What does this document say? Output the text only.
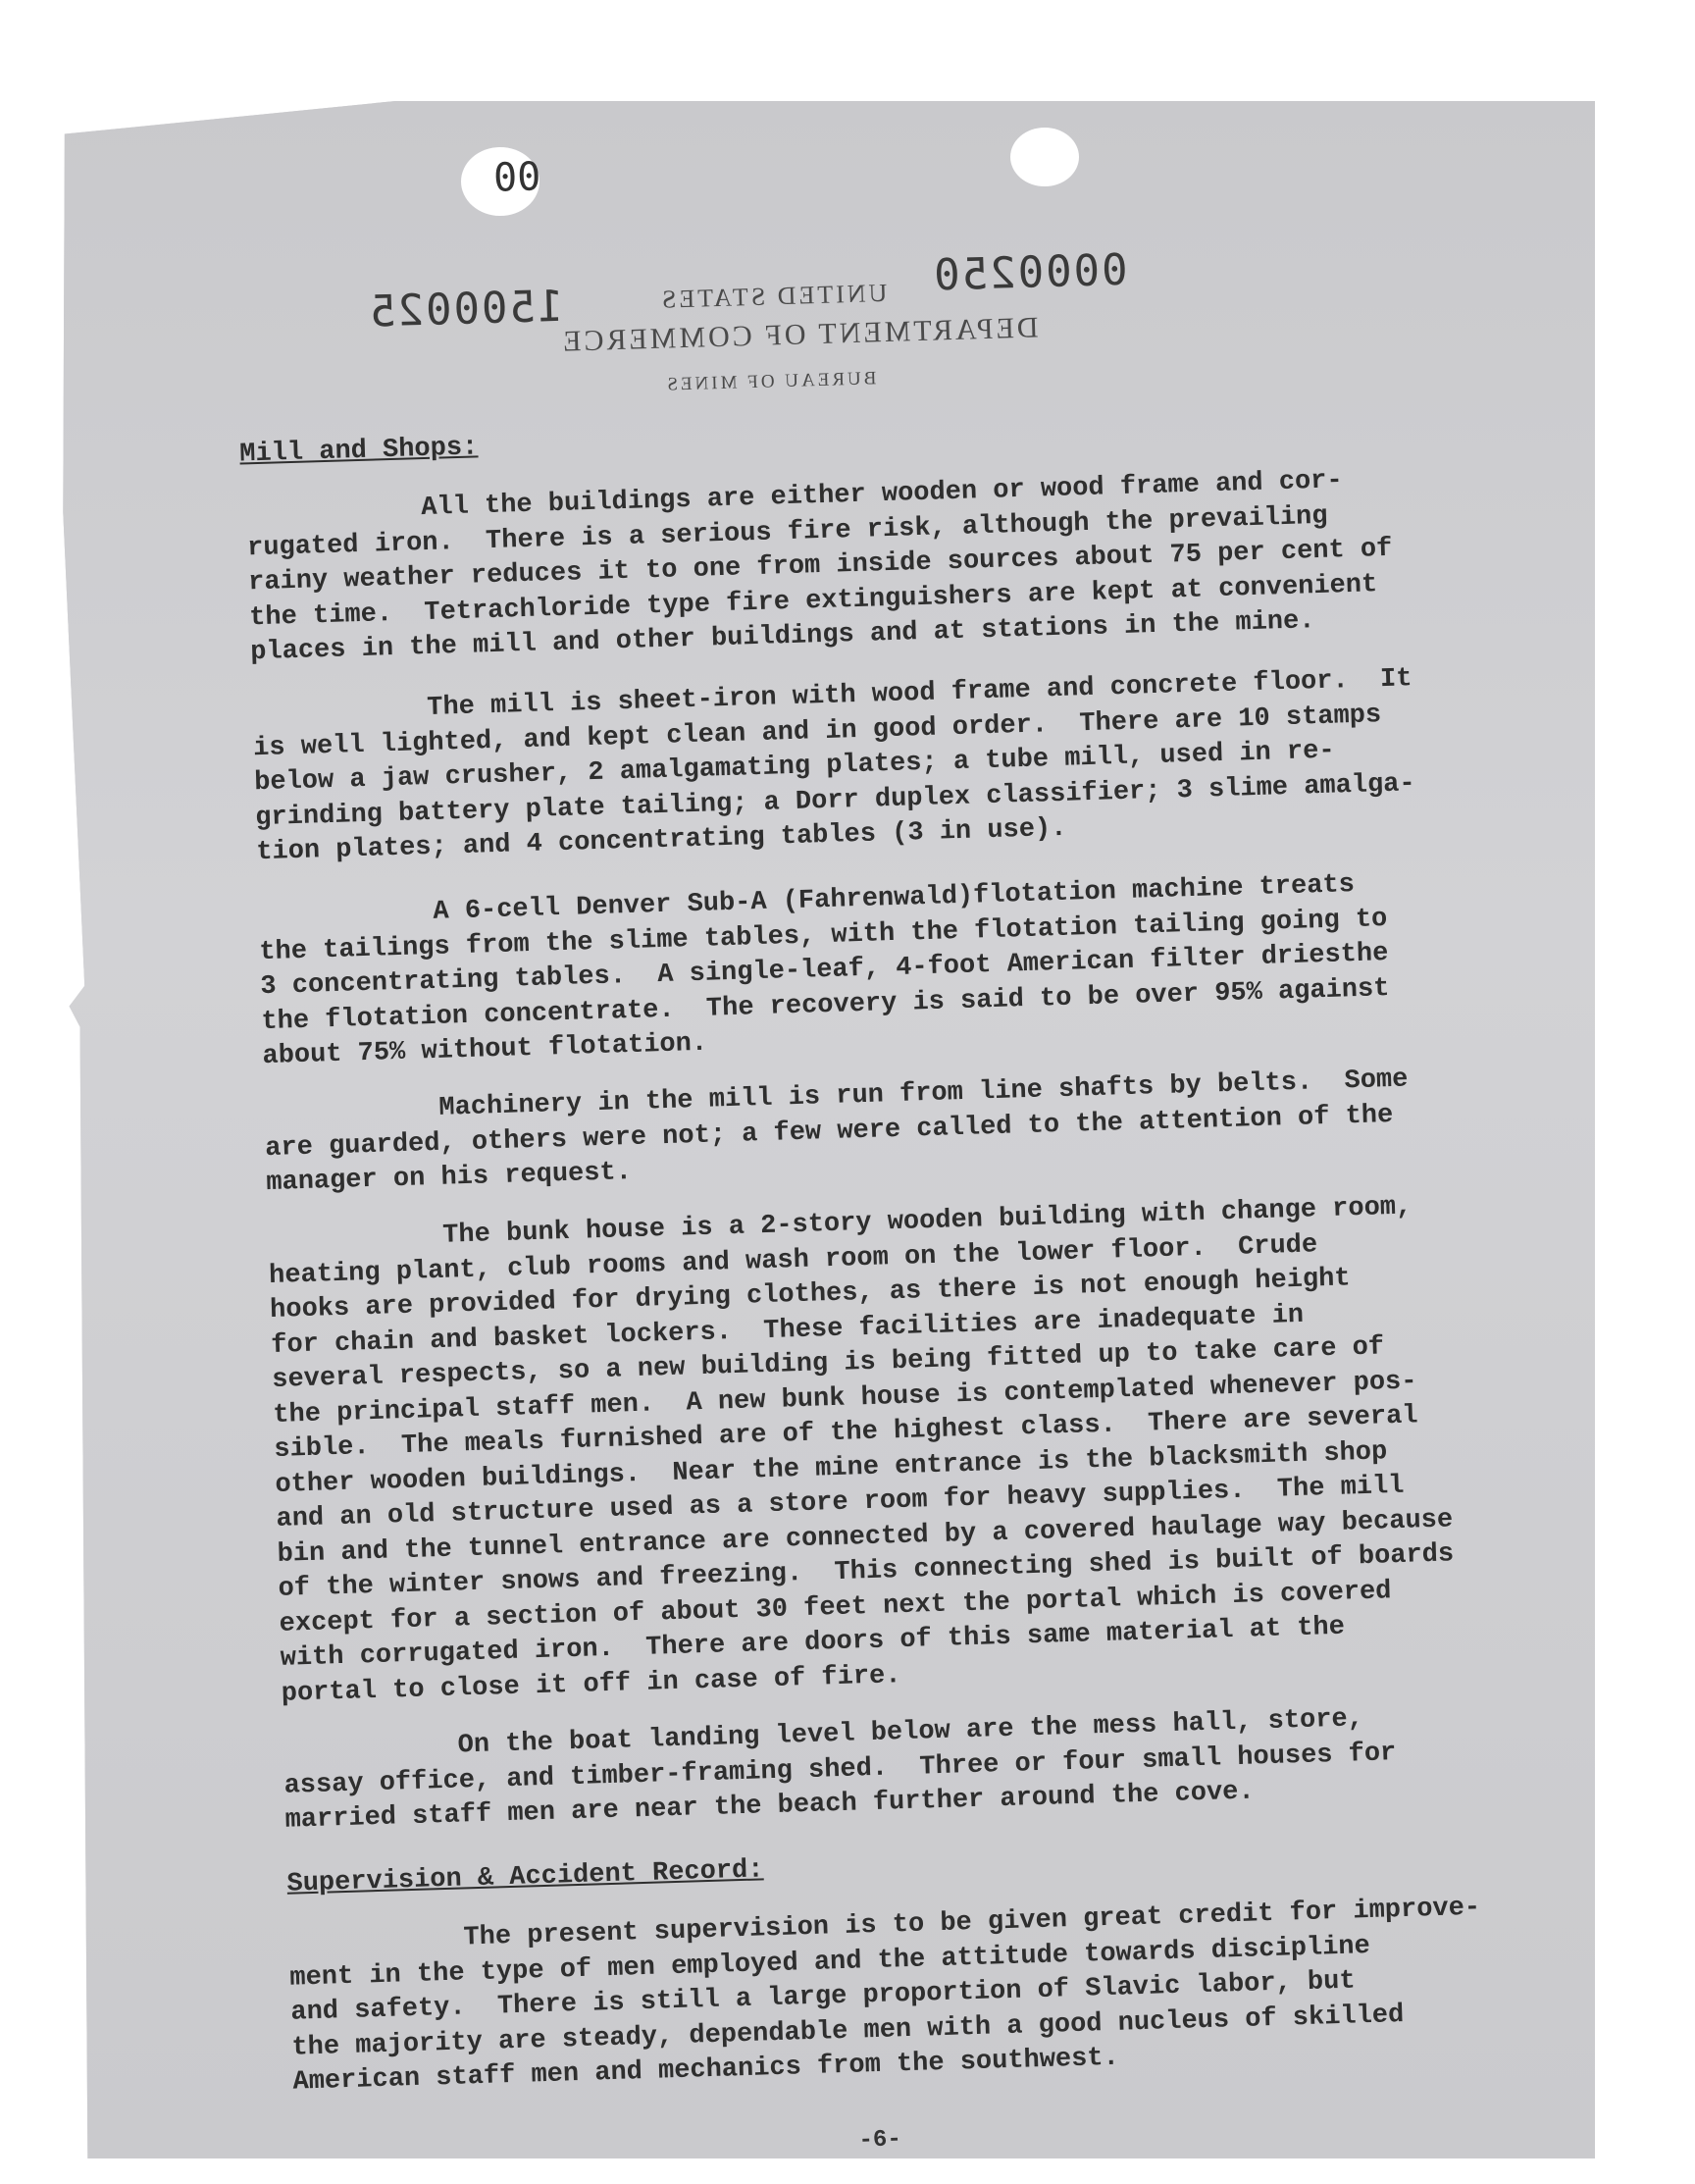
00
1500025
0000250
UNITED STATES
DEPARTMENT OF COMMERCE
BUREAU OF MINES
Mill and Shops:
All the buildings are either wooden or wood frame and cor-
rugated iron.  There is a serious fire risk, although the prevailing
rainy weather reduces it to one from inside sources about 75 per cent of
the time.  Tetrachloride type fire extinguishers are kept at convenient
places in the mill and other buildings and at stations in the mine.
The mill is sheet-iron with wood frame and concrete floor.  It
is well lighted, and kept clean and in good order.  There are 10 stamps
below a jaw crusher, 2 amalgamating plates; a tube mill, used in re-
grinding battery plate tailing; a Dorr duplex classifier; 3 slime amalga-
tion plates; and 4 concentrating tables (3 in use).
A 6-cell Denver Sub-A (Fahrenwald)flotation machine treats
the tailings from the slime tables, with the flotation tailing going to
3 concentrating tables.  A single-leaf, 4-foot American filter driesthe
the flotation concentrate.  The recovery is said to be over 95% against
about 75% without flotation.
Machinery in the mill is run from line shafts by belts.  Some
are guarded, others were not; a few were called to the attention of the
manager on his request.
The bunk house is a 2-story wooden building with change room,
heating plant, club rooms and wash room on the lower floor.  Crude
hooks are provided for drying clothes, as there is not enough height
for chain and basket lockers.  These facilities are inadequate in
several respects, so a new building is being fitted up to take care of
the principal staff men.  A new bunk house is contemplated whenever pos-
sible.  The meals furnished are of the highest class.  There are several
other wooden buildings.  Near the mine entrance is the blacksmith shop
and an old structure used as a store room for heavy supplies.  The mill
bin and the tunnel entrance are connected by a covered haulage way because
of the winter snows and freezing.  This connecting shed is built of boards
except for a section of about 30 feet next the portal which is covered
with corrugated iron.  There are doors of this same material at the
portal to close it off in case of fire.
On the boat landing level below are the mess hall, store,
assay office, and timber-framing shed.  Three or four small houses for
married staff men are near the beach further around the cove.
Supervision & Accident Record:
The present supervision is to be given great credit for improve-
ment in the type of men employed and the attitude towards discipline
and safety.  There is still a large proportion of Slavic labor, but
the majority are steady, dependable men with a good nucleus of skilled
American staff men and mechanics from the southwest.
-6-
